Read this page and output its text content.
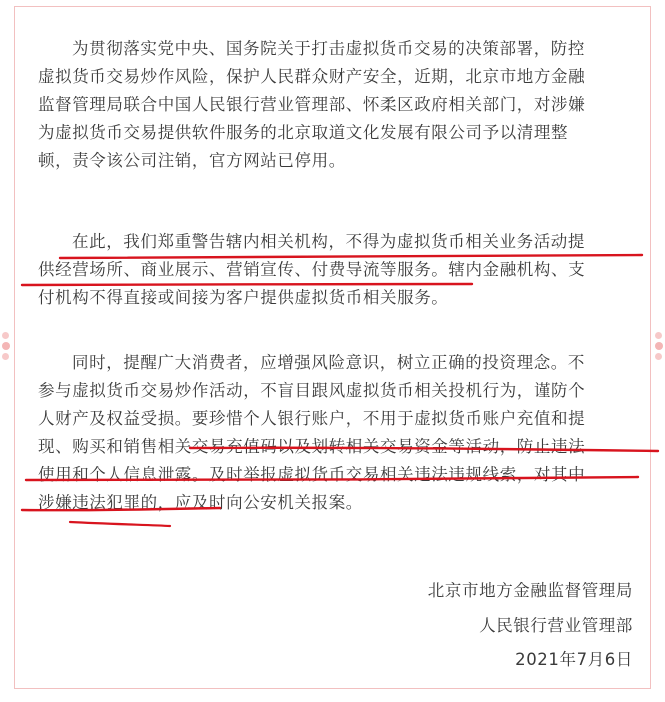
为贯彻落实党中央、国务院关于打击虚拟货币交易的决策部署，防控
虚拟货币交易炒作风险，保护人民群众财产安全，近期，北京市地方金融
监督管理局联合中国人民银行营业管理部、怀柔区政府相关部门，对涉嫌
为虚拟货币交易提供软件服务的北京取道文化发展有限公司予以清理整
顿，责令该公司注销，官方网站已停用。
在此，我们郑重警告辖内相关机构，不得为虚拟货币相关业务活动提
供经营场所、商业展示、营销宣传、付费导流等服务。辖内金融机构、支
付机构不得直接或间接为客户提供虚拟货币相关服务。
同时，提醒广大消费者，应增强风险意识，树立正确的投资理念。不
参与虚拟货币交易炒作活动，不盲目跟风虚拟货币相关投机行为，谨防个
人财产及权益受损。要珍惜个人银行账户，不用于虚拟货币账户充值和提
现、购买和销售相关交易充值码以及划转相关交易资金等活动，防止违法
使用和个人信息泄露。及时举报虚拟货币交易相关违法违规线索，对其中
涉嫌违法犯罪的，应及时向公安机关报案。
北京市地方金融监督管理局
人民银行营业管理部
2021年7月6日
